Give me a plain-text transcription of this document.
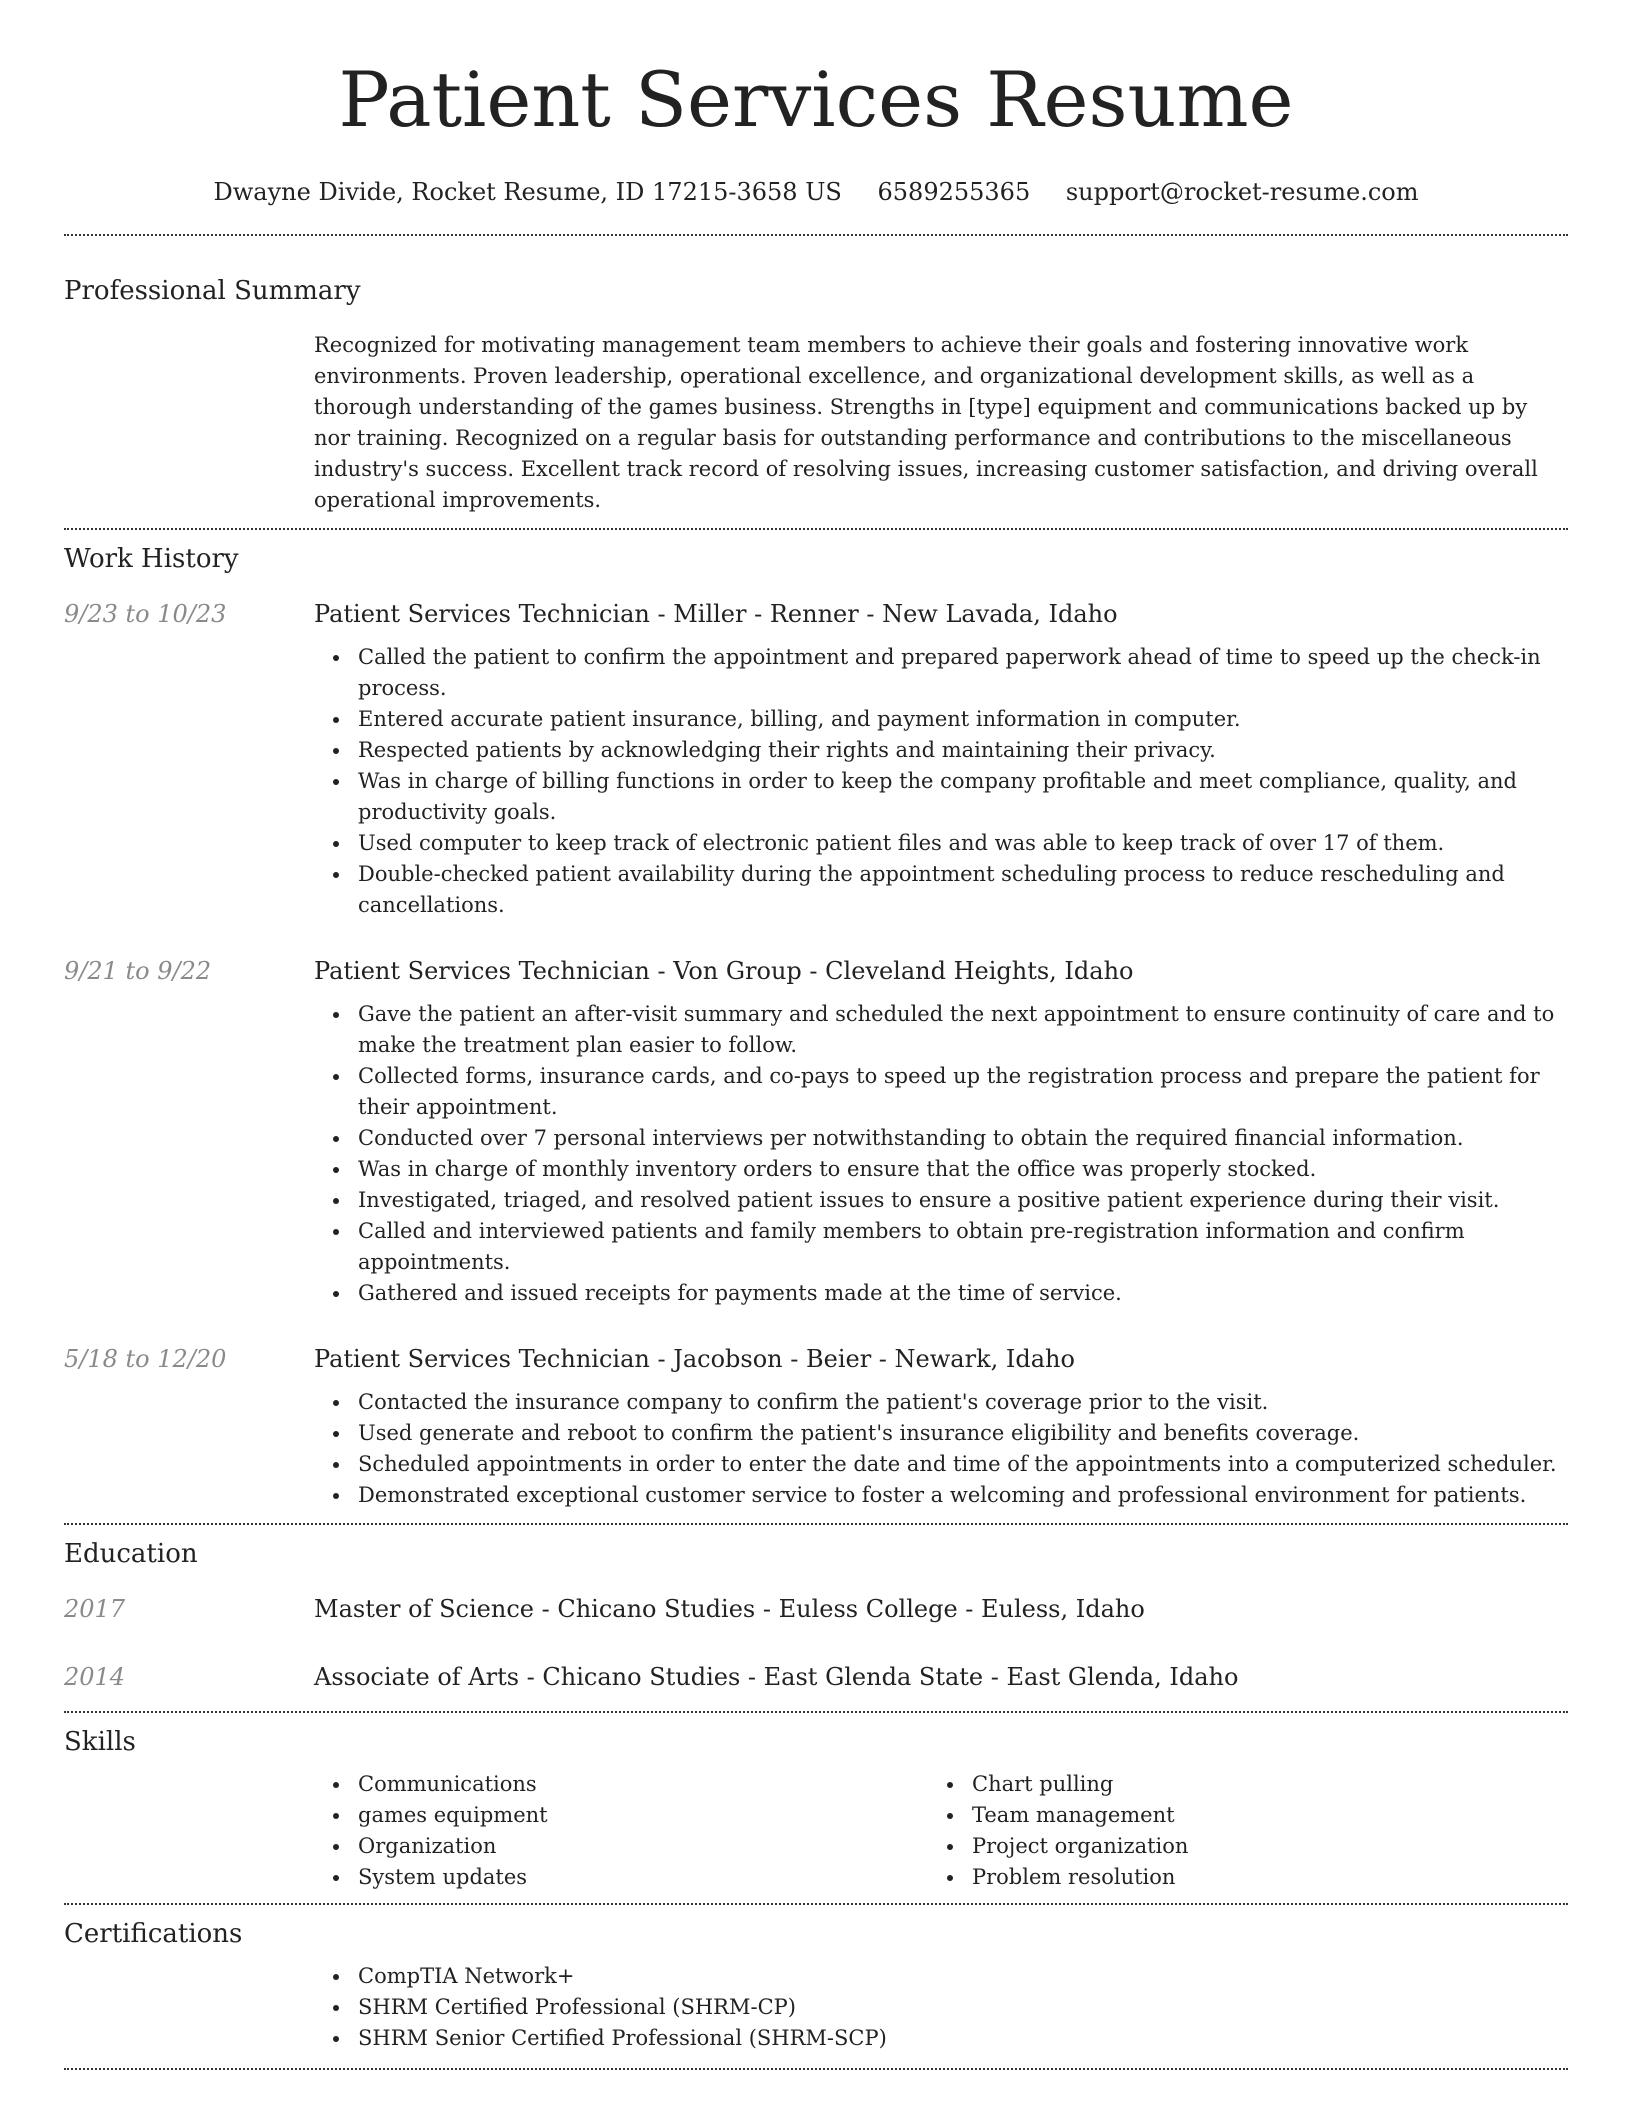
Patient Services Resume
Dwayne Divide, Rocket Resume, ID 17215-3658 US 6589255365 support@rocket-resume.com
Professional Summary

Recognized for motivating management team members to achieve their goals and fostering innovative work environments. Proven leadership, operational excellence, and organizational development skills, as well as a thorough understanding of the games business. Strengths in [type] equipment and communications backed up by nor training. Recognized on a regular basis for outstanding performance and contributions to the miscellaneous industry's success. Excellent track record of resolving issues, increasing customer satisfaction, and driving overall operational improvements.

Work History
9/23 to 10/23	Patient Services Technician - Miller - Renner - New Lavada, Idaho
Called the patient to confirm the appointment and prepared paperwork ahead of time to speed up the check-in process.
Entered accurate patient insurance, billing, and payment information in computer.
Respected patients by acknowledging their rights and maintaining their privacy.
Was in charge of billing functions in order to keep the company profitable and meet compliance, quality, and productivity goals.
Used computer to keep track of electronic patient files and was able to keep track of over 17 of them.
Double-checked patient availability during the appointment scheduling process to reduce rescheduling and cancellations.
9/21 to 9/22	Patient Services Technician - Von Group - Cleveland Heights, Idaho
Gave the patient an after-visit summary and scheduled the next appointment to ensure continuity of care and to make the treatment plan easier to follow.
Collected forms, insurance cards, and co-pays to speed up the registration process and prepare the patient for their appointment.
Conducted over 7 personal interviews per notwithstanding to obtain the required financial information.
Was in charge of monthly inventory orders to ensure that the office was properly stocked.
Investigated, triaged, and resolved patient issues to ensure a positive patient experience during their visit.
Called and interviewed patients and family members to obtain pre-registration information and confirm appointments.
Gathered and issued receipts for payments made at the time of service.
5/18 to 12/20	Patient Services Technician - Jacobson - Beier - Newark, Idaho
Contacted the insurance company to confirm the patient's coverage prior to the visit.
Used generate and reboot to confirm the patient's insurance eligibility and benefits coverage.
Scheduled appointments in order to enter the date and time of the appointments into a computerized scheduler.
Demonstrated exceptional customer service to foster a welcoming and professional environment for patients.
Education
2017	Master of Science - Chicano Studies - Euless College - Euless, Idaho
2014	Associate of Arts - Chicano Studies - East Glenda State - East Glenda, Idaho
Skills
Communications
games equipment
Organization
System updates
Chart pulling
Team management
Project organization
Problem resolution
Certifications
CompTIA Network+
SHRM Certified Professional (SHRM-CP)
SHRM Senior Certified Professional (SHRM-SCP)
